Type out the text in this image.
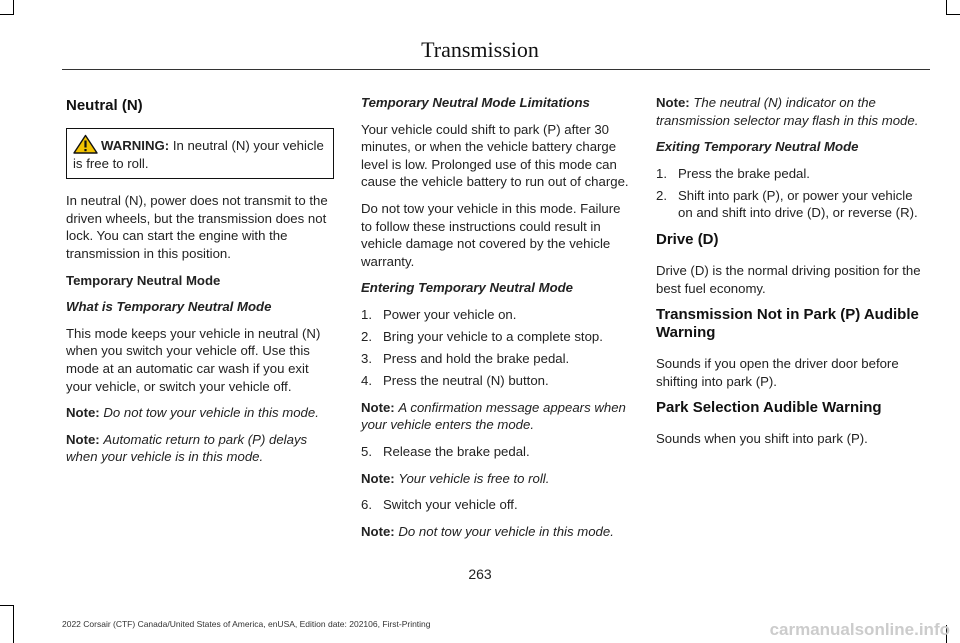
Transmission
Neutral (N)
WARNING: In neutral (N) your vehicle is free to roll.

In neutral (N), power does not transmit to the driven wheels, but the transmission does not lock. You can start the engine with the transmission in this position.

Temporary Neutral Mode
What is Temporary Neutral Mode

This mode keeps your vehicle in neutral (N) when you switch your vehicle off. Use this mode at an automatic car wash if you exit your vehicle, or switch your vehicle off.

Note: Do not tow your vehicle in this mode.

Note: Automatic return to park (P) delays when your vehicle is in this mode.

Temporary Neutral Mode Limitations

Your vehicle could shift to park (P) after 30 minutes, or when the vehicle battery charge level is low. Prolonged use of this mode can cause the vehicle battery to run out of charge.

Do not tow your vehicle in this mode. Failure to follow these instructions could result in vehicle damage not covered by the vehicle warranty.

Entering Temporary Neutral Mode
1. Power your vehicle on.
2. Bring your vehicle to a complete stop.
3. Press and hold the brake pedal.
4. Press the neutral (N) button.

Note: A confirmation message appears when your vehicle enters the mode.

5. Release the brake pedal.

Note: Your vehicle is free to roll.

6. Switch your vehicle off.

Note: Do not tow your vehicle in this mode.

Note: The neutral (N) indicator on the transmission selector may flash in this mode.

Exiting Temporary Neutral Mode
1. Press the brake pedal.
2. Shift into park (P), or power your vehicle on and shift into drive (D), or reverse (R).
Drive (D)

Drive (D) is the normal driving position for the best fuel economy.

Transmission Not in Park (P) Audible Warning

Sounds if you open the driver door before shifting into park (P).

Park Selection Audible Warning

Sounds when you shift into park (P).

263
2022 Corsair (CTF) Canada/United States of America, enUSA, Edition date: 202106, First-Printing	carmanualsonline.info
